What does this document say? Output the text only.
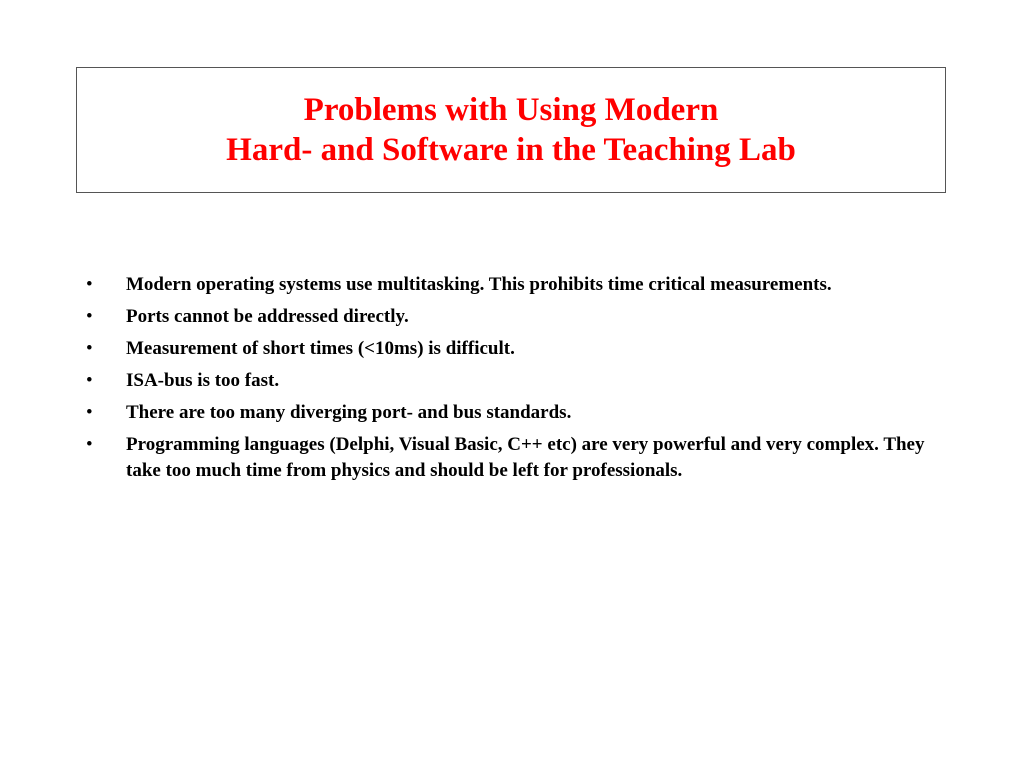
Problems with Using Modern
Hard- and Software in the Teaching Lab
• Modern operating systems use multitasking. This prohibits time critical measurements.
• Ports cannot be addressed directly.
• Measurement of short times (<10ms) is difficult.
• ISA-bus is too fast.
• There are too many diverging port- and bus standards.
• Programming languages (Delphi, Visual Basic, C++ etc) are very powerful and very complex. They take too much time from physics and should be left for professionals.
